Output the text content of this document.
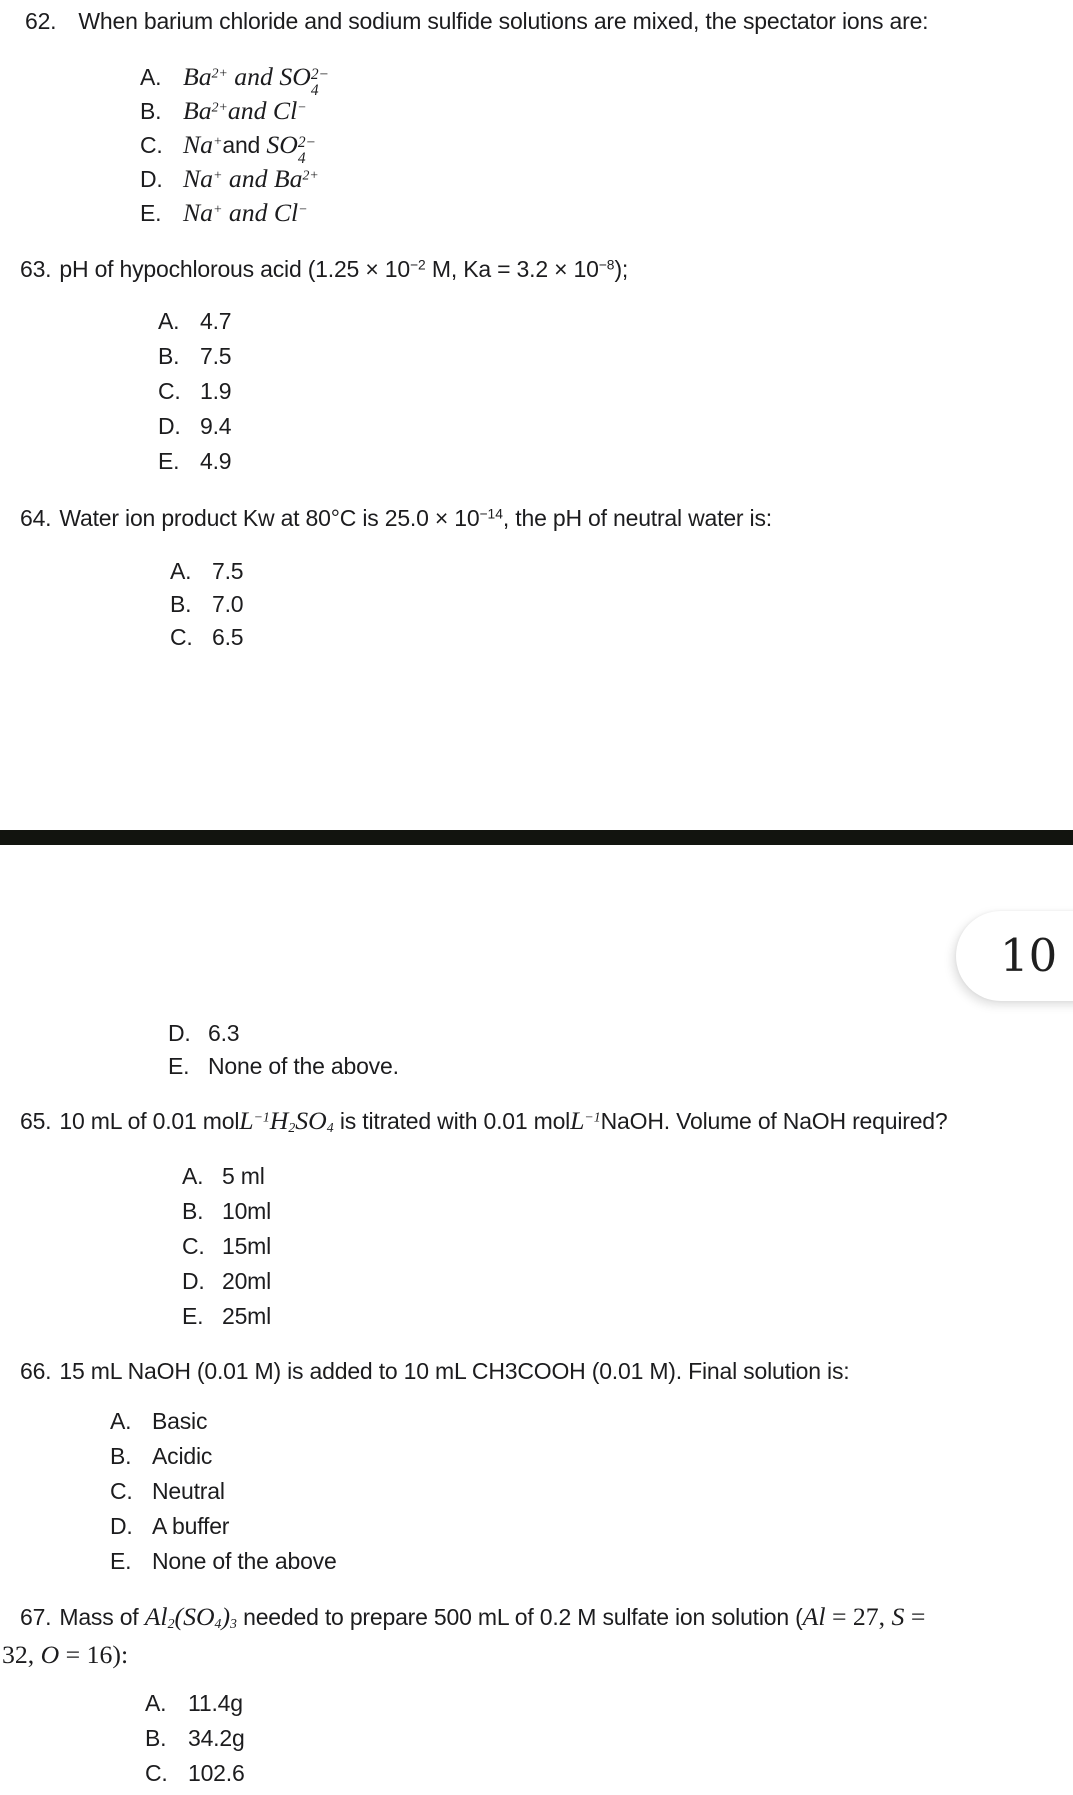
62. When barium chloride and sodium sulfide solutions are mixed, the spectator ions are:
A. $Ba^{2+}$ and SO 2−
4
B. $Ba^{2+}and$ Cl−
C. Na+and SO 2−
4
D. Na+ and $Ba^{2+}$
E. Na+ and Cl−
63. pH of hypochlorous acid ($1.25 \times 10^{-2}$ M, $Ka = 3.2 \times 10^{-8}$);
A. 4.7
B. 7.5
C. 1.9
D. 9.4
E. 4.9
64. Water ion product Kw at 80°C is $25.0 \times 10^{-14}$, the pH of neutral water is:
A. 7.5
B. 7.0
C. 6.5
10
D. 6.3
E. None of the above.
65. 10 mL of 0.01 $molL^{-1}H_2SO_4$ is titrated with 0.01 molL$^{-1}$NaOH. Volume of NaOH required?
A. 5 ml
B. 10ml
C. 15ml
D. 20ml
E. 25ml
66. 15 mL NaOH (0.01 M) is added to 10 mL CH3COOH (0.01 M). Final solution is:
A. Basic
B. Acidic
C. Neutral
D. A buffer
E. None of the above
67. Mass of $Al_2(SO_4)_3$ needed to prepare 500 mL of 0.2 M sulfate ion solution (Al = 27, S =
32, O = 16):
A. 11.4g
B. 34.2g
C. 102.6
